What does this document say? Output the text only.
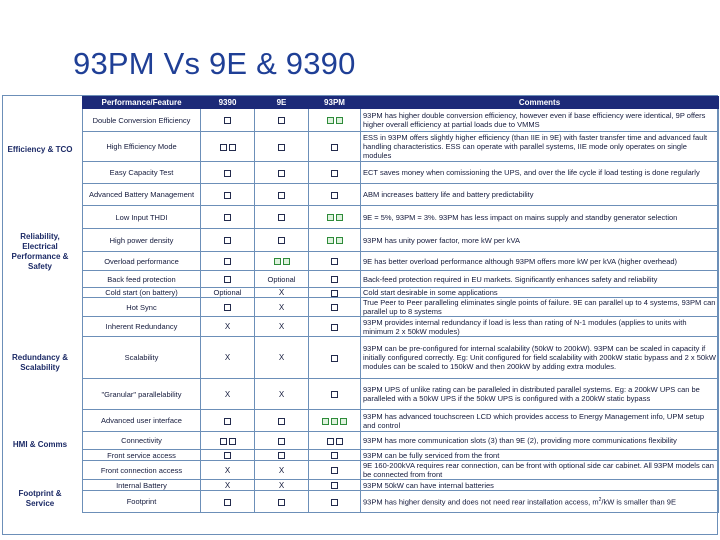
93PM Vs 9E & 9390
Efficiency & TCO
Reliability, Electrical Performance & Safety
Redundancy & Scalability
HMI & Comms
Footprint & Service
Performance/Feature	9390	9E	93PM	Comments
Double Conversion Efficiency				93PM has higher double conversion efficiency, however even if base efficiency were identical, 9P offers higher overall efficiency at partial loads due to VMMS
High Efficiency Mode				ESS in 93PM offers slightly higher efficiency (than IIE in 9E) with faster transfer time and advanced fault handling characteristics. ESS can operate with parallel systems, IIE mode only operates on single modules
Easy Capacity Test				ECT saves money when comissioning the UPS, and over the life cycle if load testing is done regularly
Advanced Battery Management				ABM increases battery life and battery predictability
Low Input THDI				9E = 5%, 93PM = 3%. 93PM has less impact on mains supply and standby generator selection
High power density				93PM has unity power factor, more kW per kVA
Overload performance				9E has better overload performance although 93PM offers more kW per kVA (higher overhead)
Back feed protection		Optional		Back-feed protection required in EU markets. Significantly enhances safety and reliability
Cold start (on battery)	Optional	X		Cold start desirable in some applications
Hot Sync		X		True Peer to Peer paralleling eliminates single points of failure. 9E can parallel up to 4 systems, 93PM can parallel up to 8 systems
Inherent Redundancy	X	X		93PM provides internal redundancy if load is less than rating of N-1 modules (applies to units with minimum 2 x 50kW modules)
Scalability	X	X		93PM can be pre-configured for internal scalability (50kW to 200kW). 93PM can be scaled in capacity if initially configured correctly. Eg: Unit configured for field scalability with 200kW static bypass and 2 x 50kW modules can be scaled to 150kW and then 200kW by adding extra modules.
"Granular" parallelability	X	X		93PM UPS of unlike rating can be paralleled in distributed parallel systems. Eg: a 200kW UPS can be paralleled with a 50kW UPS if the 50kW UPS is configured with a 200kW static bypass
Advanced user interface				93PM has advanced touchscreen LCD which provides access to Energy Management info, UPM setup and control
Connectivity				93PM has more communication slots (3) than 9E (2), providing more communications flexibility
Front service access				93PM can be fully serviced from the front
Front connection access	X	X		9E 160-200kVA requires rear connection, can be front with optional side car cabinet. All 93PM models can be connected from front
Internal Battery	X	X		93PM 50kW can have internal batteries
Footprint				93PM has higher density and does not need rear installation access, $m^2/kW$ is smaller than 9E
